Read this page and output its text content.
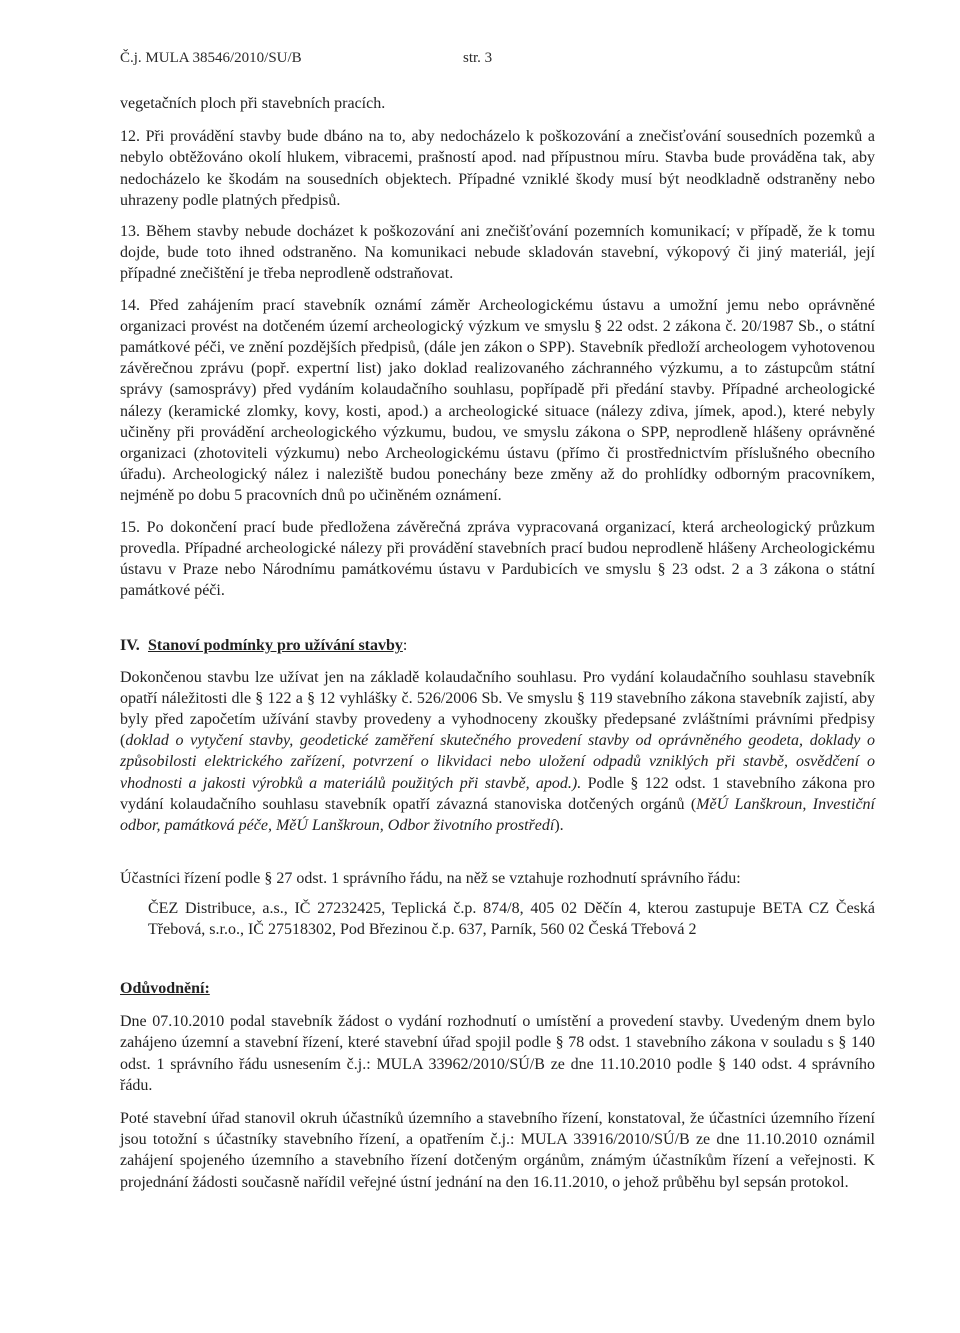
Č.j. MULA 38546/2010/SU/B	str. 3

vegetačních ploch při stavebních pracích.

12. Při provádění stavby bude dbáno na to, aby nedocházelo k poškozování a znečisťování sousedních pozemků a nebylo obtěžováno okolí hlukem, vibracemi, prašností apod. nad přípustnou míru. Stavba bude prováděna tak, aby nedocházelo ke škodám na sousedních objektech. Případné vzniklé škody musí být neodkladně odstraněny nebo uhrazeny podle platných předpisů.

13. Během stavby nebude docházet k poškozování ani znečišťování pozemních komunikací; v případě, že k tomu dojde, bude toto ihned odstraněno. Na komunikaci nebude skladován stavební, výkopový či jiný materiál, její případné znečištění je třeba neprodleně odstraňovat.

14. Před zahájením prací stavebník oznámí záměr Archeologickému ústavu a umožní jemu nebo oprávněné organizaci provést na dotčeném území archeologický výzkum ve smyslu § 22 odst. 2 zákona č. 20/1987 Sb., o státní památkové péči, ve znění pozdějších předpisů, (dále jen zákon o SPP). Stavebník předloží archeologem vyhotovenou závěrečnou zprávu (popř. expertní list) jako doklad realizovaného záchranného výzkumu, a to zástupcům státní správy (samosprávy) před vydáním kolaudačního souhlasu, popřípadě při předání stavby. Případné archeologické nálezy (keramické zlomky, kovy, kosti, apod.) a archeologické situace (nálezy zdiva, jímek, apod.), které nebyly učiněny při provádění archeologického výzkumu, budou, ve smyslu zákona o SPP, neprodleně hlášeny oprávněné organizaci (zhotoviteli výzkumu) nebo Archeologickému ústavu (přímo či prostřednictvím příslušného obecního úřadu). Archeologický nález i naleziště budou ponechány beze změny až do prohlídky odborným pracovníkem, nejméně po dobu 5 pracovních dnů po učiněném oznámení.

15. Po dokončení prací bude předložena závěrečná zpráva vypracovaná organizací, která archeologický průzkum provedla. Případné archeologické nálezy při provádění stavebních prací budou neprodleně hlášeny Archeologickému ústavu v Praze nebo Národnímu památkovému ústavu v Pardubicích ve smyslu § 23 odst. 2 a 3 zákona o státní památkové péči.

IV. Stanoví podmínky pro užívání stavby:

Dokončenou stavbu lze užívat jen na základě kolaudačního souhlasu. Pro vydání kolaudačního souhlasu stavebník opatří náležitosti dle § 122 a § 12 vyhlášky č. 526/2006 Sb. Ve smyslu § 119 stavebního zákona stavebník zajistí, aby byly před započetím užívání stavby provedeny a vyhodnoceny zkoušky předepsané zvláštními právními předpisy (doklad o vytyčení stavby, geodetické zaměření skutečného provedení stavby od oprávněného geodeta, doklady o způsobilosti elektrického zařízení, potvrzení o likvidaci nebo uložení odpadů vzniklých při stavbě, osvědčení o vhodnosti a jakosti výrobků a materiálů použitých při stavbě, apod.). Podle § 122 odst. 1 stavebního zákona pro vydání kolaudačního souhlasu stavebník opatří závazná stanoviska dotčených orgánů (MěÚ Lanškroun, Investiční odbor, památková péče, MěÚ Lanškroun, Odbor životního prostředí).

Účastníci řízení podle § 27 odst. 1 správního řádu, na něž se vztahuje rozhodnutí správního řádu:

ČEZ Distribuce, a.s., IČ 27232425, Teplická č.p. 874/8, 405 02 Děčín 4, kterou zastupuje BETA CZ Česká Třebová, s.r.o., IČ 27518302, Pod Březinou č.p. 637, Parník, 560 02 Česká Třebová 2

Odůvodnění:

Dne 07.10.2010 podal stavebník žádost o vydání rozhodnutí o umístění a provedení stavby. Uvedeným dnem bylo zahájeno územní a stavební řízení, které stavební úřad spojil podle § 78 odst. 1 stavebního zákona v souladu s § 140 odst. 1 správního řádu usnesením č.j.: MULA 33962/2010/SÚ/B ze dne 11.10.2010 podle § 140 odst. 4 správního řádu.

Poté stavební úřad stanovil okruh účastníků územního a stavebního řízení, konstatoval, že účastníci územního řízení jsou totožní s účastníky stavebního řízení, a opatřením č.j.: MULA 33916/2010/SÚ/B ze dne 11.10.2010 oznámil zahájení spojeného územního a stavebního řízení dotčeným orgánům, známým účastníkům řízení a veřejnosti. K projednání žádosti současně nařídil veřejné ústní jednání na den 16.11.2010, o jehož průběhu byl sepsán protokol.
